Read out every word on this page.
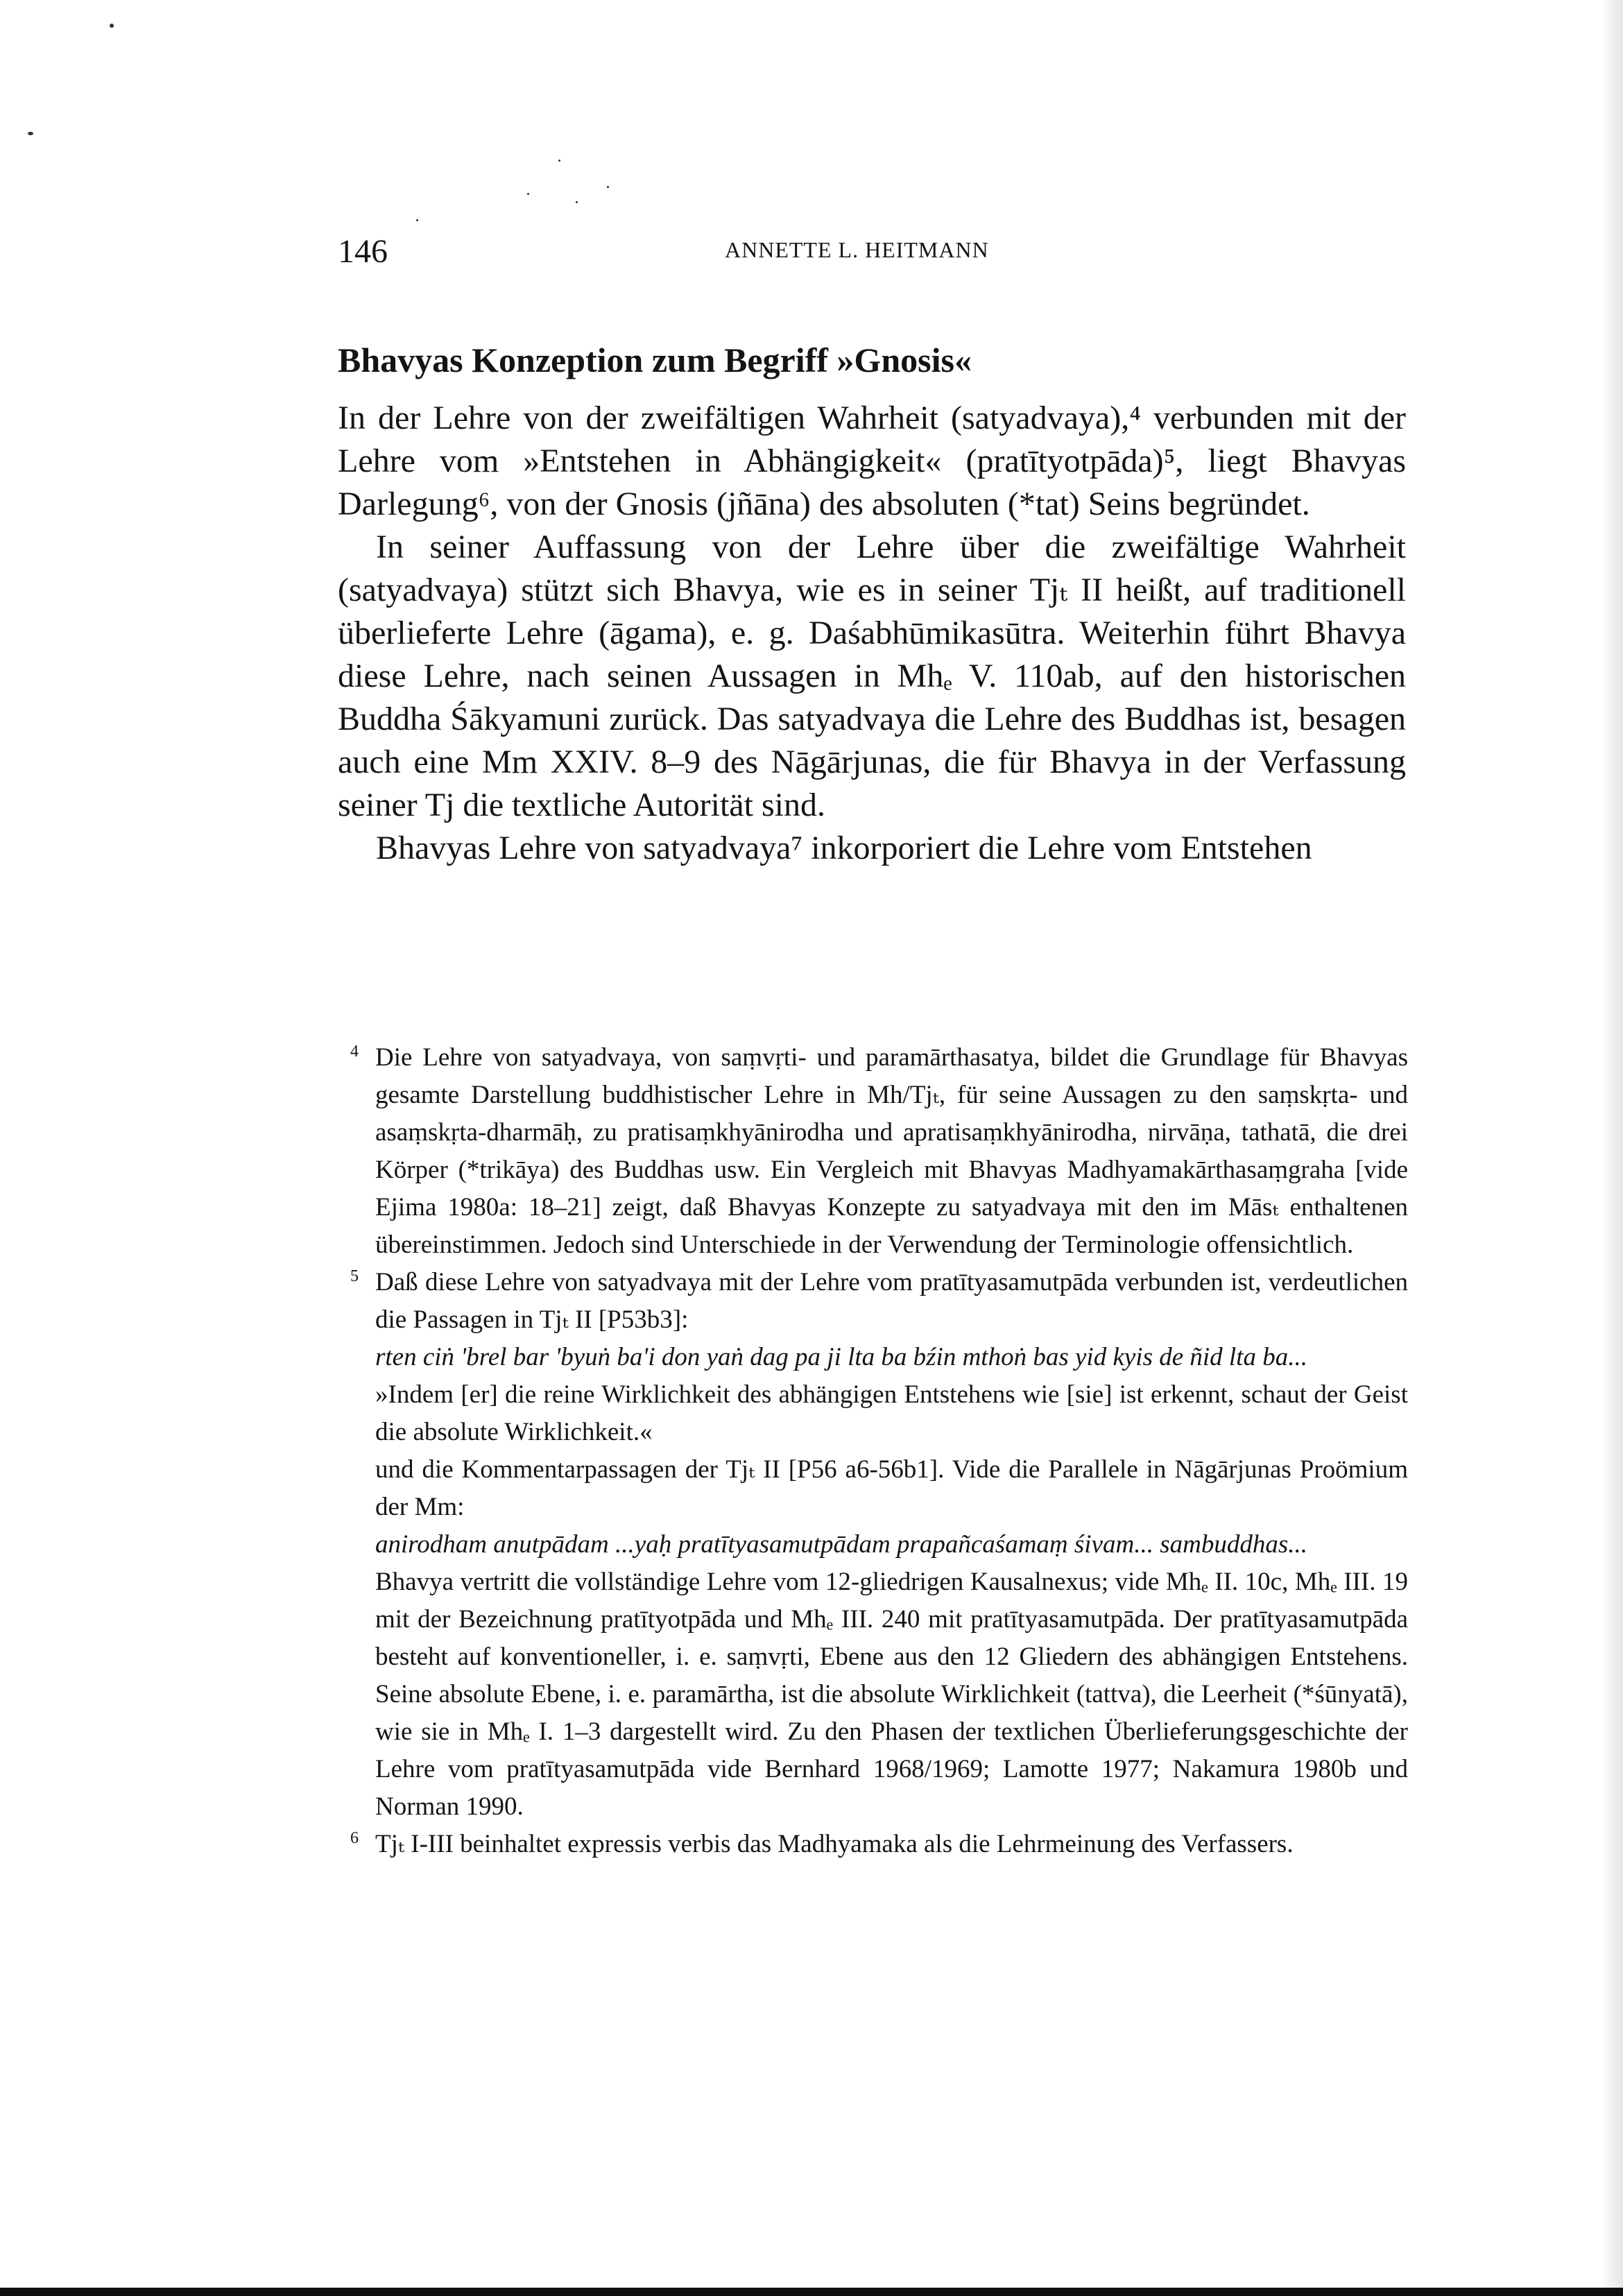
146	ANNETTE L. HEITMANN
Bhavyas Konzeption zum Begriff »Gnosis«

In der Lehre von der zweifältigen Wahrheit (satyadvaya),⁴ verbunden mit der Lehre vom »Entstehen in Abhängigkeit« (pratītyotpāda)⁵, liegt Bhavyas Darlegung⁶, von der Gnosis (jñāna) des absoluten (*tat) Seins begründet.

In seiner Auffassung von der Lehre über die zweifältige Wahrheit (satyadvaya) stützt sich Bhavya, wie es in seiner Tjₜ II heißt, auf traditionell überlieferte Lehre (āgama), e. g. Daśabhūmikasūtra. Weiterhin führt Bhavya diese Lehre, nach seinen Aussagen in Mhₑ V. 110ab, auf den historischen Buddha Śākyamuni zurück. Das satyadvaya die Lehre des Buddhas ist, besagen auch eine Mm XXIV. 8–9 des Nāgārjunas, die für Bhavya in der Verfassung seiner Tj die textliche Autorität sind.

Bhavyas Lehre von satyadvaya⁷ inkorporiert die Lehre vom Entstehen

4 Die Lehre von satyadvaya, von saṃvṛti- und paramārthasatya, bildet die Grundlage für Bhavyas gesamte Darstellung buddhistischer Lehre in Mh/Tjₜ, für seine Aussagen zu den saṃskṛta- und asaṃskṛta-dharmāḥ, zu pratisaṃkhyānirodha und apratisaṃkhyānirodha, nirvāṇa, tathatā, die drei Körper (*trikāya) des Buddhas usw. Ein Vergleich mit Bhavyas Madhyamakārthasaṃgraha [vide Ejima 1980a: 18–21] zeigt, daß Bhavyas Konzepte zu satyadvaya mit den im Māsₜ enthaltenen übereinstimmen. Jedoch sind Unterschiede in der Verwendung der Terminologie offensichtlich.

5 Daß diese Lehre von satyadvaya mit der Lehre vom pratītyasamutpāda verbunden ist, verdeutlichen die Passagen in Tjₜ II [P53b3]:

rten ciṅ 'brel bar 'byuṅ ba'i don yaṅ dag pa ji lta ba bźin mthoṅ bas yid kyis de ñid lta ba...

»Indem [er] die reine Wirklichkeit des abhängigen Entstehens wie [sie] ist erkennt, schaut der Geist die absolute Wirklichkeit.«

und die Kommentarpassagen der Tjₜ II [P56 a6-56b1]. Vide die Parallele in Nāgārjunas Proömium der Mm:

anirodham anutpādam ...yaḥ pratītyasamutpādam prapañcaśamaṃ śivam... sambuddhas...

Bhavya vertritt die vollständige Lehre vom 12-gliedrigen Kausalnexus; vide Mhₑ II. 10c, Mhₑ III. 19 mit der Bezeichnung pratītyotpāda und Mhₑ III. 240 mit pratītyasamutpāda. Der pratītyasamutpāda besteht auf konventioneller, i. e. saṃvṛti, Ebene aus den 12 Gliedern des abhängigen Entstehens. Seine absolute Ebene, i. e. paramārtha, ist die absolute Wirklichkeit (tattva), die Leerheit (*śūnyatā), wie sie in Mhₑ I. 1–3 dargestellt wird. Zu den Phasen der textlichen Überlieferungsgeschichte der Lehre vom pratītyasamutpāda vide Bernhard 1968/1969; Lamotte 1977; Nakamura 1980b und Norman 1990.

6 Tjₜ I-III beinhaltet expressis verbis das Madhyamaka als die Lehrmeinung des Verfassers.
